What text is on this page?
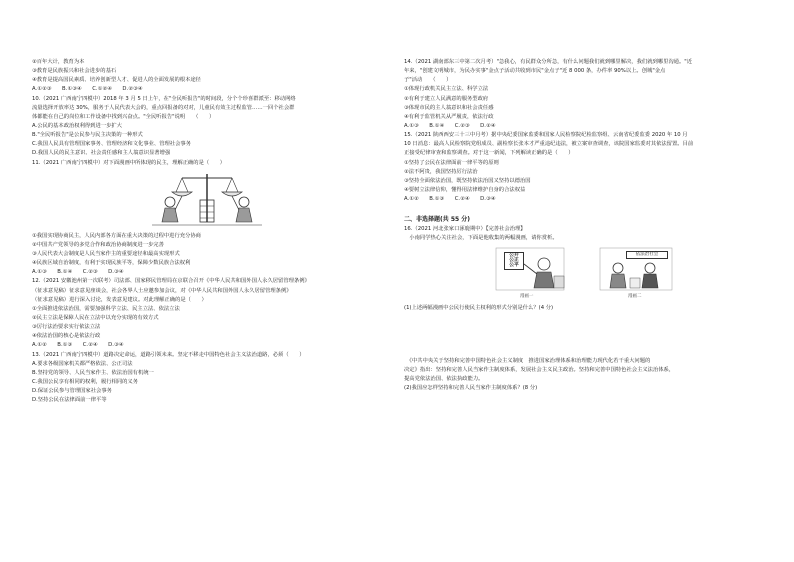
②百年大计，教育为本
③教育是民族振兴和社会进步的基石
④教育是提高国民素质、培养创新型人才、促进人的全面发展的根本途径
A.①②③　　B.①③④　　C.①②④　　D.②③④
10.（2021 广西南宁四模中）2018 年 3 月 5 日上午，在"全民听报告"的时间段，分个个珍喜群派至：移动网络
流量选择开放率达 30%，服务于人民代表大会的，重点回报备的对对，儿童民有效主过程监管……一回个社会群
体都能在自己的岗位和工作设备中找到兴奋点。"全民听报告"说明　　（　　）
A.公民的基本政治权利得到进一步扩大
B."全民听报告"是公民参与民主决策的一种形式
C.我国人民具有管理国家事务、管理经济和文化事业、管理社会事务
D.我国人民的民主意识、社会责任感和主人翁意识显著增强
11.（2021 广西南宁四模中）对下面漫画中所体现的民主，理解正确的是（　　）
①我国实现协商民主，人民内部各方面在重大决策的过程中进行充分协商
②中国共产党领导的多党合作和政治协商制度进一步完善
③人民代表大会制度是人民当家作主的重要途径和最高实现形式
④民族区域自治制度，有利于实现民族平等，保障少数民族合法权利
A.①③　　B.①④　　C.②③　　D.③④
12.（2021 安徽池州第一次联考）司法部、国家移民管理局在京联合召开《中华人民共和国外国人永久居留管理条例》
（征求意见稿）征求意见座谈会，社会各界人士应邀参加会议，对《中华人民共和国外国人永久居留管理条例》
（征求意见稿）进行深入讨论，发表意见建议。对此理解正确的是（　　）
①全面推进依法治国，需要加强科学立法、民主立法、依法立法
②民主立法是保障人民在立法中以充分实现的有效方式
③厉行法治要求实行依法立法
④依法治国的核心是依法行政
A.①②　　B.①③　　C.②④　　D.③④
13.（2021 广西南宁四模中）道路决定命运，道路引领未来。坚定不移走中国特色社会主义法治道路，必须（　　）
A.要求各级国家机关都严格依法、公正司法
B.坚持党的领导、人民当家作主、依法治国有机统一
C.我国公民享有相同的权利，履行相同的义务
D.保证公民参与管理国家社会事务
D.坚持公民在法律面前一律平等
14.（2021 湖南部东三中第二次月考）"急我心，有民群众分所急，有什么问题我们就到哪里解决，我们就到哪里沟通。"近
年来，"创建文明城市，为民办实事"金点子活动共收到市民"金点子"近 8 000 条，办件率 90%以上。创城"金点
子"活动　　（　　）
①体现行政机关民主立法、科学立法
②有利于建立人民满意的服务型政府
③体现市民的主人翁意识和社会责任感
④有利于监管机关从严履责，依法行政
A.①③　　B.①④　　C.②③　　D.②④
15.（2021 陕西西安三十三中月考）据中央纪委国家监委和国家人民检察院纪检监察组、云南省纪委监委 2020 年 10 月
10 日消息：最高人民检察院党组成员、副检察长张本才严重违纪违法，被立案审查调查，该院国家监委对其依法留置。目前
正接受纪律审查和监察调查。对于这一新闻，下列解读正确的是（　　）
①坚持了公民在法律面前一律平等的原则
②法不阿贵，我国坚持厉行法治
③坚持全面依法治国，既坚持依法治国又坚持以德治国
④要树立法律信仰，懂得用法律维护自身的合法权益
A.①②　　B.①③　　C.②④　　D.③④
二、非选择题(共 55 分)
16.（2021 河北张家口涿鹿期中）【完善社会治理】
　小南同学热心关注社会，下面是他收集的两幅漫画，请你赏析。
公开
公正
公平
依法治社会
漫画一	漫画二
(1)上述两幅漫画中公民行使民主权利的形式分别是什么？(4 分)
　《中共中央关于坚持和完善中国特色社会主义制度　推进国家治理体系和治理能力现代化若干重大问题的
决定》指出：坚持和完善人民当家作主制度体系，发展社会主义民主政治。坚持和完善中国特色社会主义法治体系，
提高党依法治国、依法执政能力。
(2)我国应怎样坚持和完善人民当家作主制度体系？(8 分)
